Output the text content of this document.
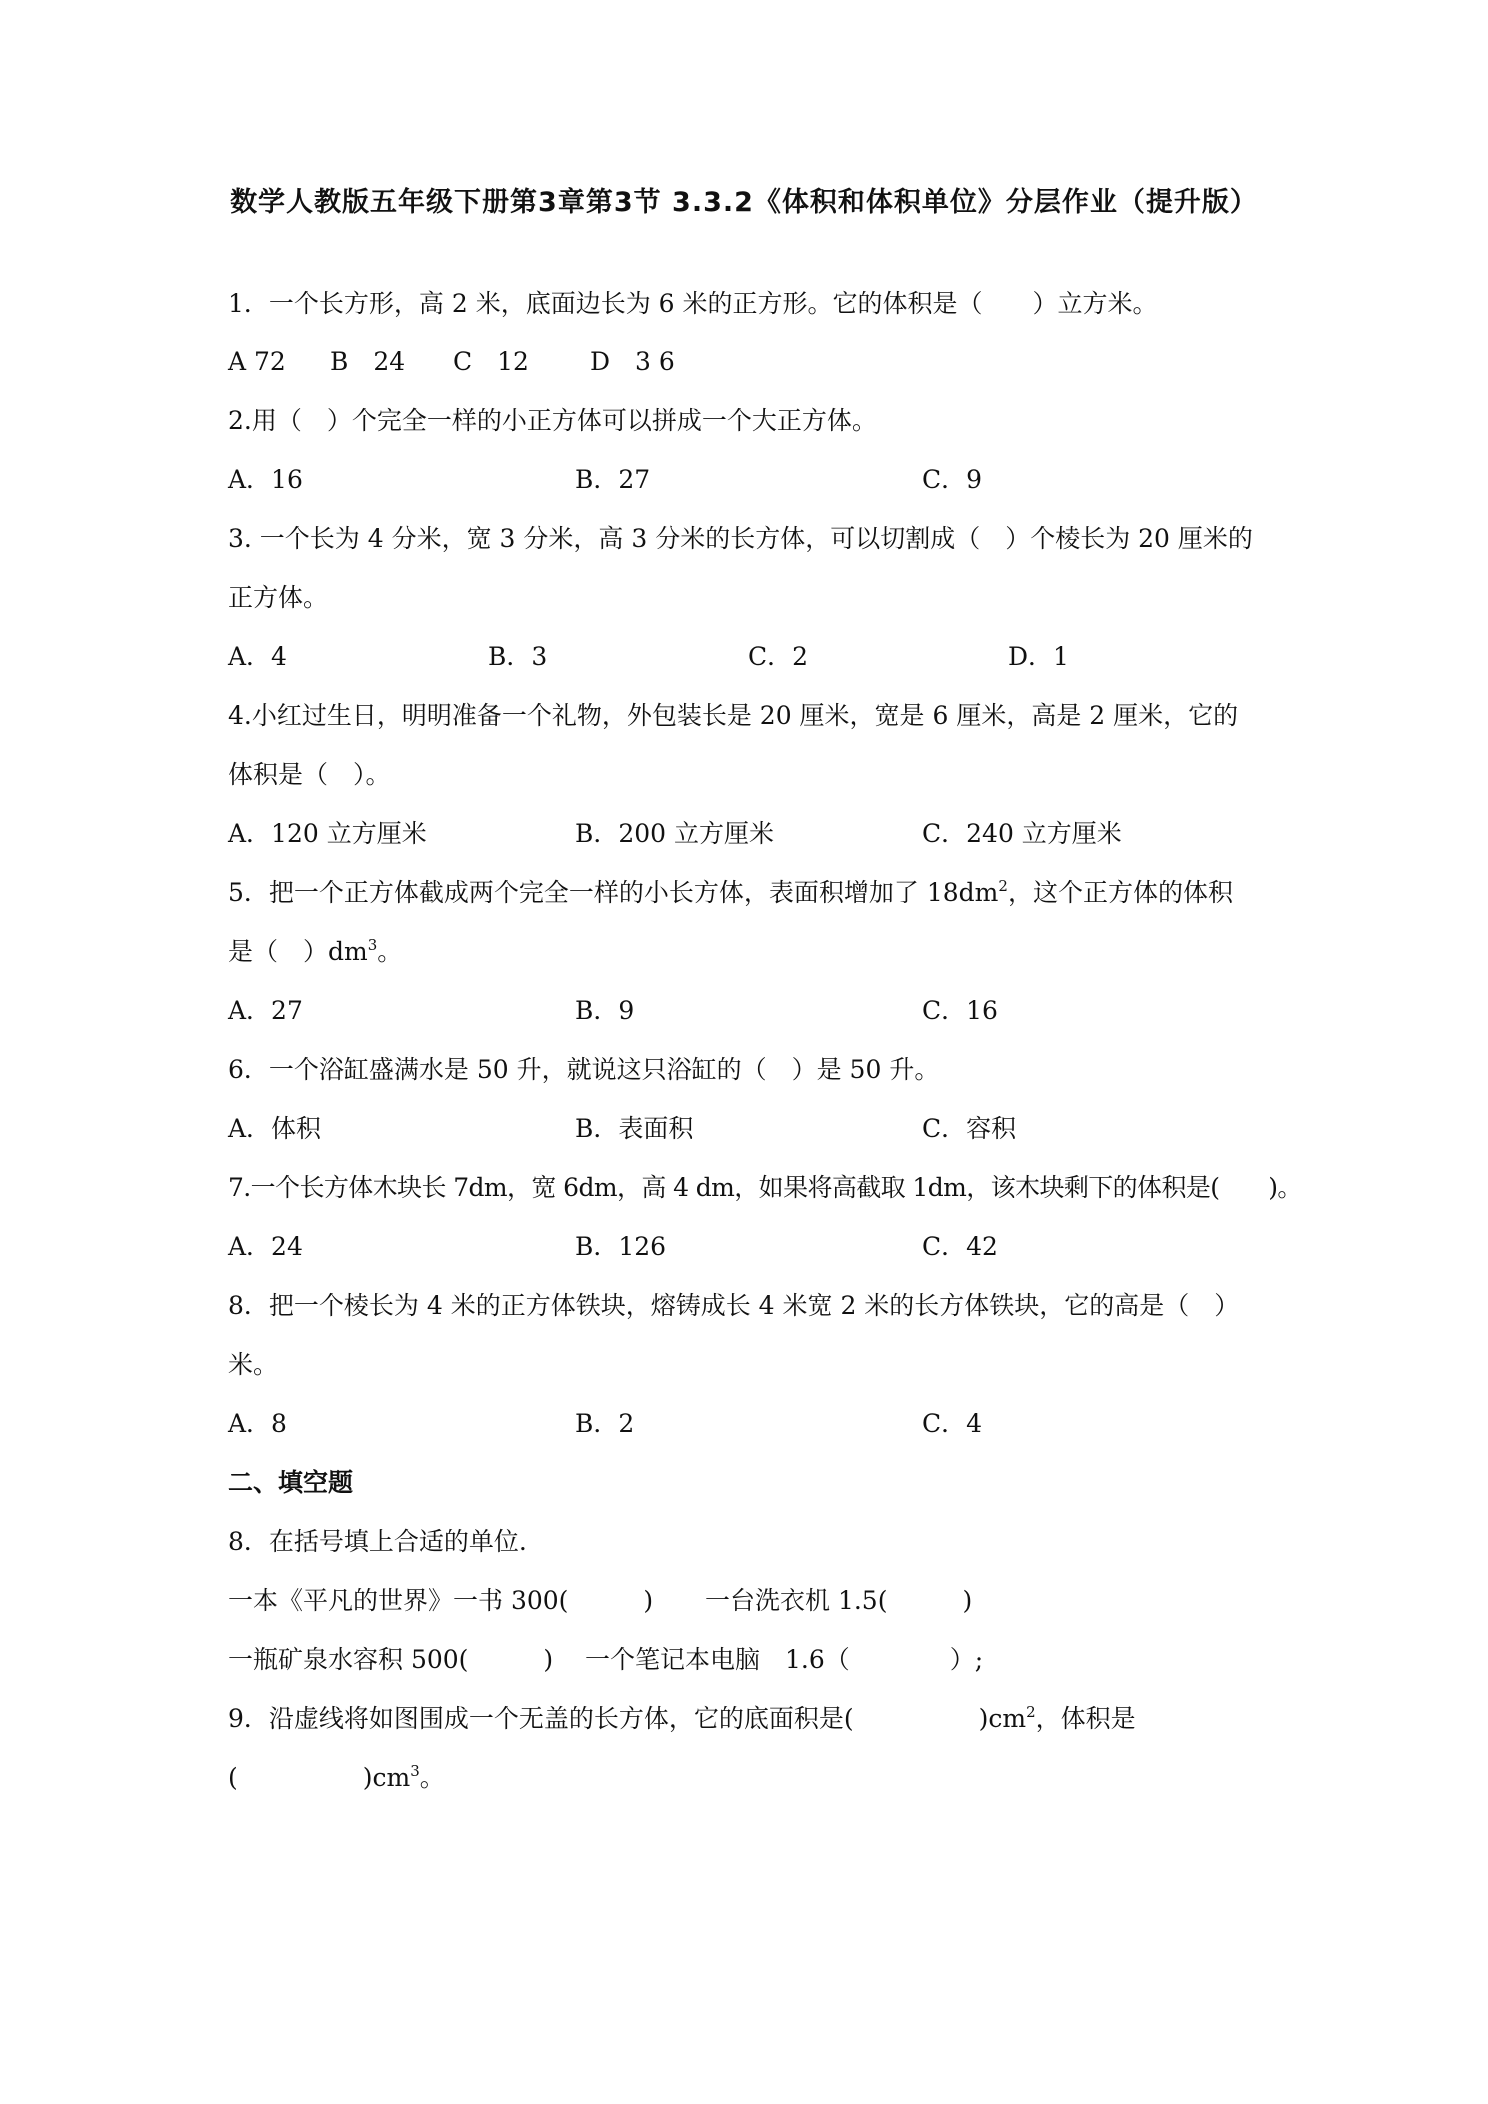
数学人教版五年级下册第3章第3节 3.3.2《体积和体积单位》分层作业（提升版）
1．一个长方形，高 2 米，底面边长为 6 米的正方形。它的体积是（　　）立方米。
A 72 B　24 C　12 D　3 6
2.用（　）个完全一样的小正方体可以拼成一个大正方体。
A．16	B．27	C．9
3. 一个长为 4 分米，宽 3 分米，高 3 分米的长方体，可以切割成（　）个棱长为 20 厘米的
正方体。
A．4	B．3	C．2	D．1
4.小红过生日，明明准备一个礼物，外包装长是 20 厘米，宽是 6 厘米，高是 2 厘米，它的
体积是（　）。
A．120 立方厘米	B．200 立方厘米	C．240 立方厘米
5．把一个正方体截成两个完全一样的小长方体，表面积增加了 $18dm^2$，这个正方体的体积
是（　）$dm^3$。
A．27	B．9	C．16
6．一个浴缸盛满水是 50 升，就说这只浴缸的（　）是 50 升。
A．体积	B．表面积	C．容积
7.一个长方体木块长 7dm，宽 6dm，高 4 dm，如果将高截取 1dm，该木块剩下的体积是(　　)。
A．24	B．126	C．42
8．把一个棱长为 4 米的正方体铁块，熔铸成长 4 米宽 2 米的长方体铁块，它的高是（　）
米。
A．8	B．2	C．4
二、填空题
8．在括号填上合适的单位.
一本《平凡的世界》一书 300(　　　) 一台洗衣机 1.5(　　　)
一瓶矿泉水容积 500(　　　) 一个笔记本电脑　1.6（　　　　）;
9．沿虚线将如图围成一个无盖的长方体，它的底面积是(　　　　　)$cm^2$，体积是
(　　　　　)$cm^3$。
